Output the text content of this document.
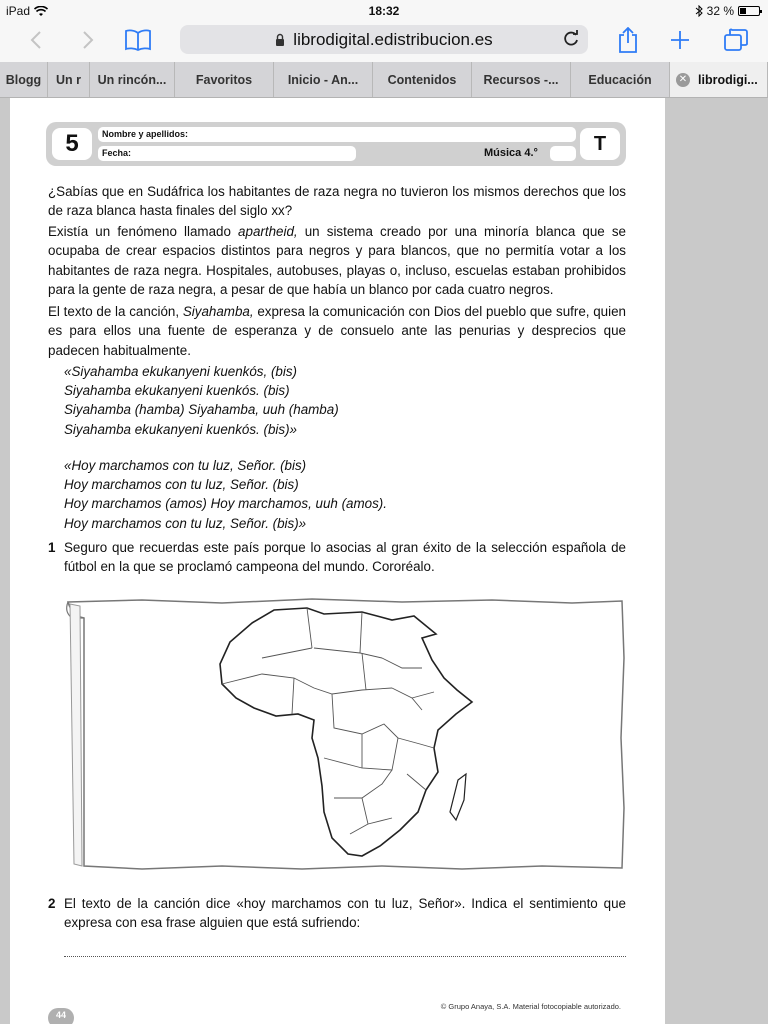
iPad	18:32	32 %
librodigital.edistribucion.es
Blogg Un r Un rincón... Favoritos	Inicio - An... Contenidos Recursos -... Educación	✕ librodigi...
5	Nombre y apellidos:
Fecha:	Música 4.°	T

¿Sabías que en Sudáfrica los habitantes de raza negra no tuvieron los mismos derechos que los de raza blanca hasta finales del siglo xx?

Existía un fenómeno llamado apartheid, un sistema creado por una minoría blanca que se ocupaba de crear espacios distintos para negros y para blancos, que no permitía votar a los habitantes de raza negra. Hospitales, autobuses, playas o, incluso, escuelas estaban prohibidos para la gente de raza negra, a pesar de que había un blanco por cada cuatro negros.

El texto de la canción, Siyahamba, expresa la comunicación con Dios del pueblo que sufre, quien es para ellos una fuente de esperanza y de consuelo ante las penurias y desprecios que padecen habitualmente.

«Siyahamba ekukanyeni kuenkós, (bis)
Siyahamba ekukanyeni kuenkós. (bis)
Siyahamba (hamba) Siyahamba, uuh (hamba)
Siyahamba ekukanyeni kuenkós. (bis)»
«Hoy marchamos con tu luz, Señor. (bis)
Hoy marchamos con tu luz, Señor. (bis)
Hoy marchamos (amos) Hoy marchamos, uuh (amos).
Hoy marchamos con tu luz, Señor. (bis)»
1 Seguro que recuerdas este país porque lo asocias al gran éxito de la selección española de fútbol en la que se proclamó campeona del mundo. Cororéalo.
2 El texto de la canción dice «hoy marchamos con tu luz, Señor». Indica el sentimiento que expresa con esa frase alguien que está sufriendo:
44
© Grupo Anaya, S.A. Material fotocopiable autorizado.
